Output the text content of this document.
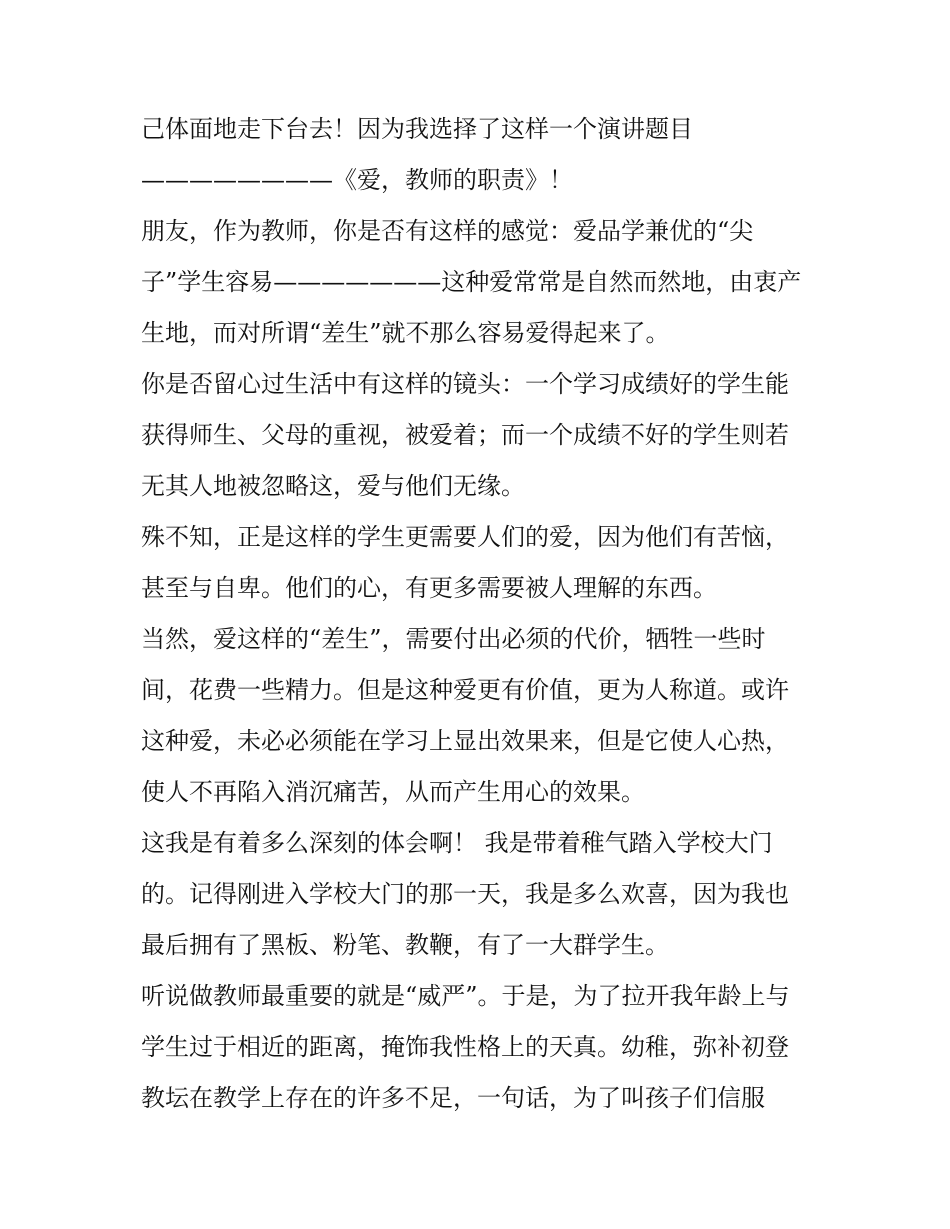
己体面地走下台去！因为我选择了这样一个演讲题目
————————《爱，教师的职责》！
朋友，作为教师，你是否有这样的感觉：爱品学兼优的“尖
子”学生容易———————这种爱常常是自然而然地，由衷产
生地，而对所谓“差生”就不那么容易爱得起来了。
你是否留心过生活中有这样的镜头：一个学习成绩好的学生能
获得师生、父母的重视，被爱着；而一个成绩不好的学生则若
无其人地被忽略这，爱与他们无缘。
殊不知，正是这样的学生更需要人们的爱，因为他们有苦恼，
甚至与自卑。他们的心，有更多需要被人理解的东西。
当然，爱这样的“差生”，需要付出必须的代价，牺牲一些时
间，花费一些精力。但是这种爱更有价值，更为人称道。或许
这种爱，未必必须能在学习上显出效果来，但是它使人心热，
使人不再陷入消沉痛苦，从而产生用心的效果。
这我是有着多么深刻的体会啊！ 我是带着稚气踏入学校大门
的。记得刚进入学校大门的那一天，我是多么欢喜，因为我也
最后拥有了黑板、粉笔、教鞭，有了一大群学生。
听说做教师最重要的就是“威严”。于是，为了拉开我年龄上与
学生过于相近的距离，掩饰我性格上的天真。幼稚，弥补初登
教坛在教学上存在的许多不足，一句话，为了叫孩子们信服
